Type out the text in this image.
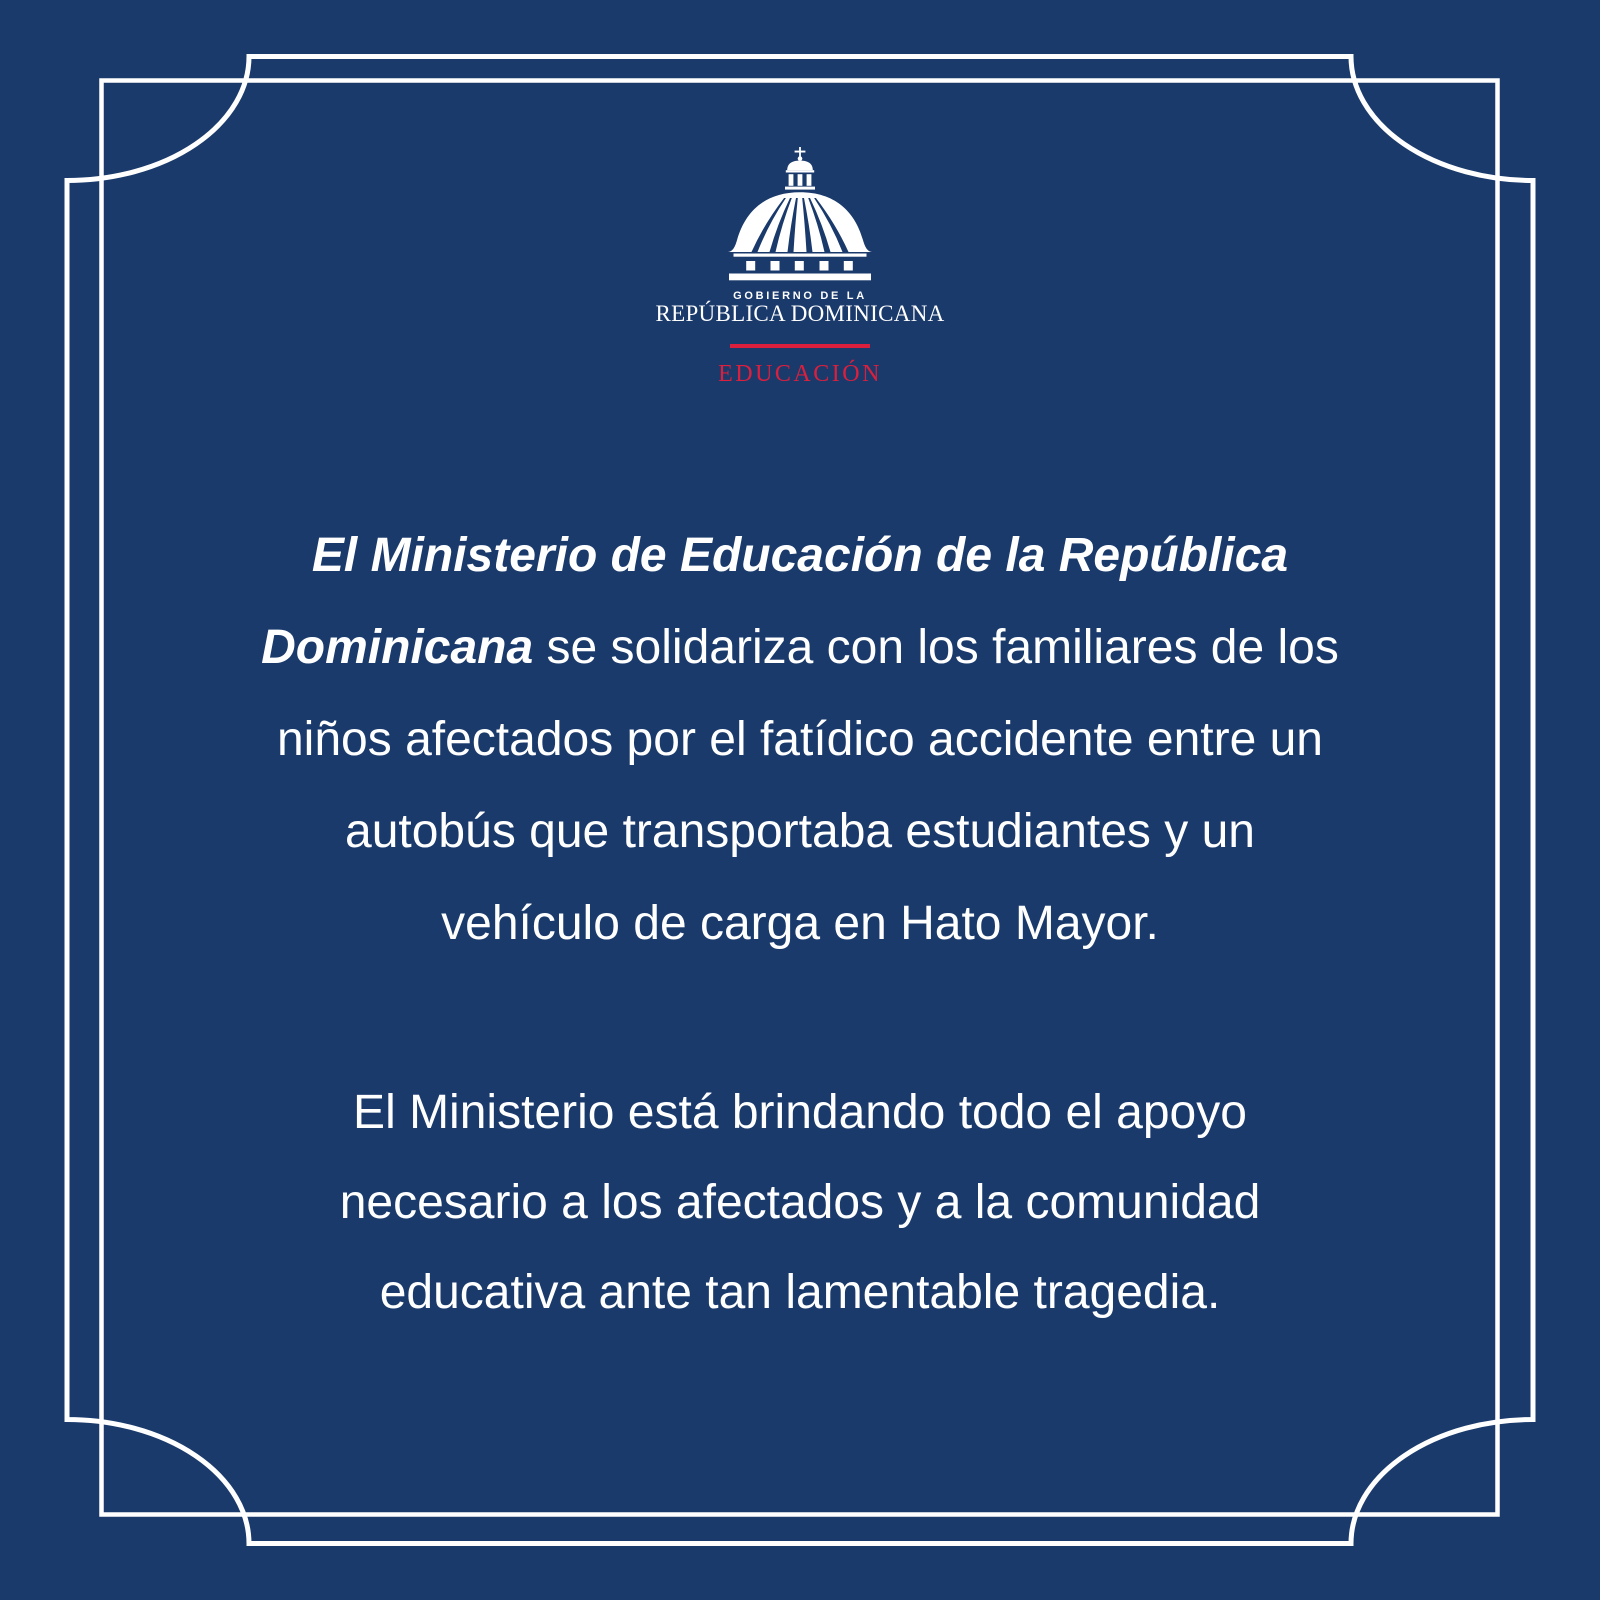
GOBIERNO DE LA
REPÚBLICA DOMINICANA
EDUCACIÓN
El Ministerio de Educación de la República
Dominicana se solidariza con los familiares de los
niños afectados por el fatídico accidente entre un
autobús que transportaba estudiantes y un
vehículo de carga en Hato Mayor.
El Ministerio está brindando todo el apoyo
necesario a los afectados y a la comunidad
educativa ante tan lamentable tragedia.
